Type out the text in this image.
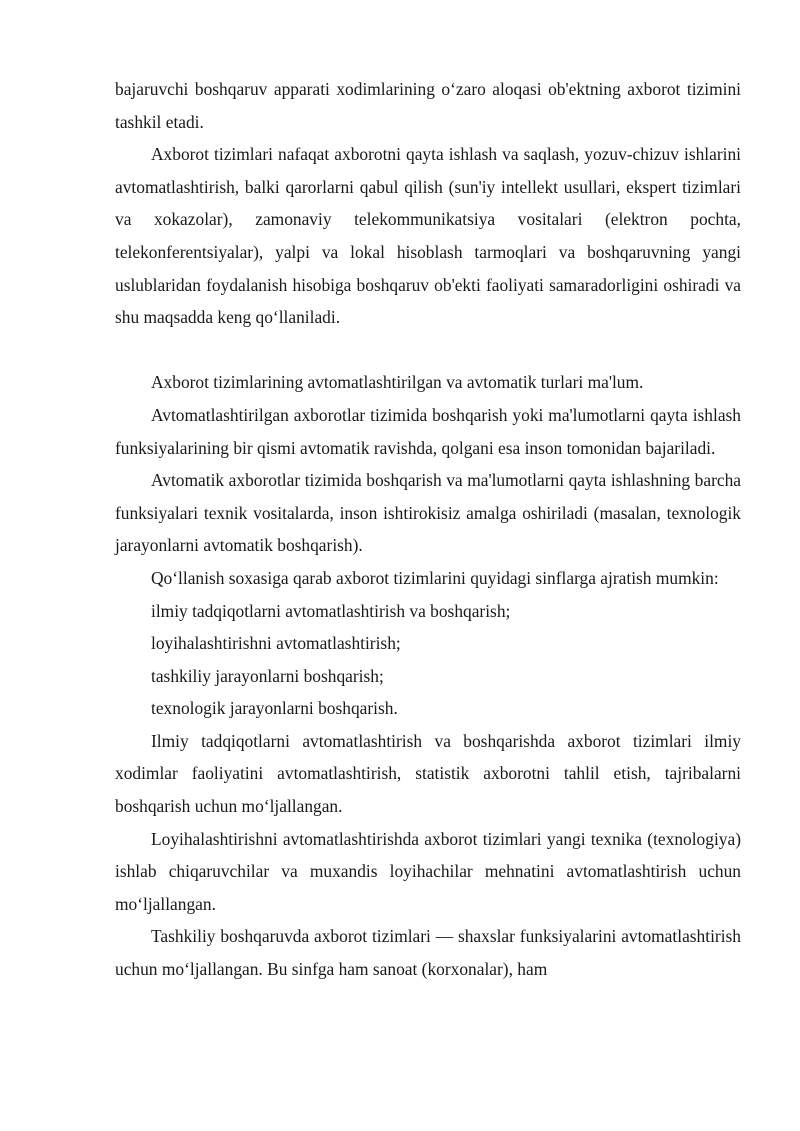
bajaruvchi boshqaruv apparati xodimlarining o‘zaro aloqasi ob'ektning axborot tizimini tashkil etadi.

Axborot tizimlari nafaqat axborotni qayta ishlash va saqlash, yozuv-chizuv ishlarini avtomatlashtirish, balki qarorlarni qabul qilish (sun'iy intellekt usullari, ekspert tizimlari va xokazolar), zamonaviy telekommunikatsiya vositalari (elektron pochta, telekonferentsiyalar), yalpi va lokal hisoblash tarmoqlari va boshqaruvning yangi uslublaridan foydalanish hisobiga boshqaruv ob'ekti faoliyati samaradorligini oshiradi va shu maqsadda keng qo‘llaniladi.

Axborot tizimlarining avtomatlashtirilgan va avtomatik turlari ma'lum.

Avtomatlashtirilgan axborotlar tizimida boshqarish yoki ma'lumotlarni qayta ishlash funksiyalarining bir qismi avtomatik ravishda, qolgani esa inson tomonidan bajariladi.

Avtomatik axborotlar tizimida boshqarish va ma'lumotlarni qayta ishlashning barcha funksiyalari texnik vositalarda, inson ishtirokisiz amalga oshiriladi (masalan, texnologik jarayonlarni avtomatik boshqarish).

Qo‘llanish soxasiga qarab axborot tizimlarini quyidagi sinflarga ajratish mumkin:

ilmiy tadqiqotlarni avtomatlashtirish va boshqarish;

loyihalashtirishni avtomatlashtirish;

tashkiliy jarayonlarni boshqarish;

texnologik jarayonlarni boshqarish.

Ilmiy tadqiqotlarni avtomatlashtirish va boshqarishda axborot tizimlari ilmiy xodimlar faoliyatini avtomatlashtirish, statistik axborotni tahlil etish, tajribalarni boshqarish uchun mo‘ljallangan.

Loyihalashtirishni avtomatlashtirishda axborot tizimlari yangi texnika (texnologiya) ishlab chiqaruvchilar va muxandis loyihachilar mehnatini avtomatlashtirish uchun mo‘ljallangan.

Tashkiliy boshqaruvda axborot tizimlari — shaxslar funksiyalarini avtomatlashtirish uchun mo‘ljallangan. Bu sinfga ham sanoat (korxonalar), ham
